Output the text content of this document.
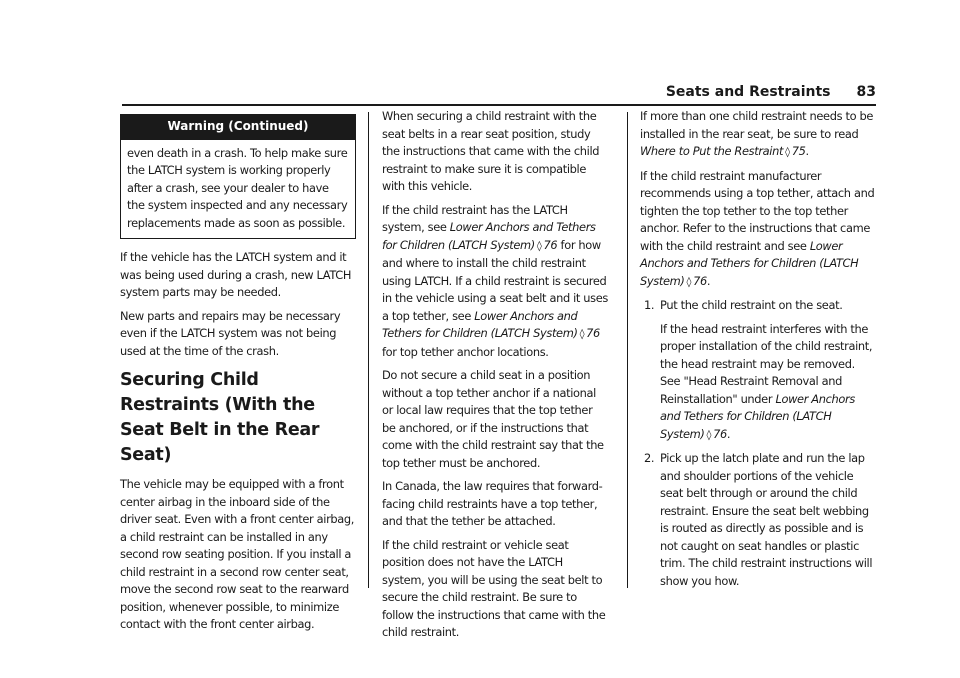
Seats and Restraints 83
Warning (Continued)

even death in a crash. To help make sure the LATCH system is working properly after a crash, see your dealer to have the system inspected and any necessary replacements made as soon as possible.

If the vehicle has the LATCH system and it was being used during a crash, new LATCH system parts may be needed.

New parts and repairs may be necessary even if the LATCH system was not being used at the time of the crash.

Securing Child Restraints (With the Seat Belt in the Rear Seat)

The vehicle may be equipped with a front center airbag in the inboard side of the driver seat. Even with a front center airbag, a child restraint can be installed in any second row seating position. If you install a child restraint in a second row center seat, move the second row seat to the rearward position, whenever possible, to minimize contact with the front center airbag.

When securing a child restraint with the seat belts in a rear seat position, study the instructions that came with the child restraint to make sure it is compatible with this vehicle.

If the child restraint has the LATCH system, see Lower Anchors and Tethers for Children (LATCH System) ◊ 76 for how and where to install the child restraint using LATCH. If a child restraint is secured in the vehicle using a seat belt and it uses a top tether, see Lower Anchors and Tethers for Children (LATCH System) ◊ 76 for top tether anchor locations.

Do not secure a child seat in a position without a top tether anchor if a national or local law requires that the top tether be anchored, or if the instructions that come with the child restraint say that the top tether must be anchored.

In Canada, the law requires that forward-facing child restraints have a top tether, and that the tether be attached.

If the child restraint or vehicle seat position does not have the LATCH system, you will be using the seat belt to secure the child restraint. Be sure to follow the instructions that came with the child restraint.

If more than one child restraint needs to be installed in the rear seat, be sure to read Where to Put the Restraint ◊ 75.

If the child restraint manufacturer recommends using a top tether, attach and tighten the top tether to the top tether anchor. Refer to the instructions that came with the child restraint and see Lower Anchors and Tethers for Children (LATCH System) ◊ 76.

1. Put the child restraint on the seat.

If the head restraint interferes with the proper installation of the child restraint, the head restraint may be removed. See "Head Restraint Removal and Reinstallation" under Lower Anchors and Tethers for Children (LATCH System) ◊ 76.

2. Pick up the latch plate and run the lap and shoulder portions of the vehicle seat belt through or around the child restraint. Ensure the seat belt webbing is routed as directly as possible and is not caught on seat handles or plastic trim. The child restraint instructions will show you how.
